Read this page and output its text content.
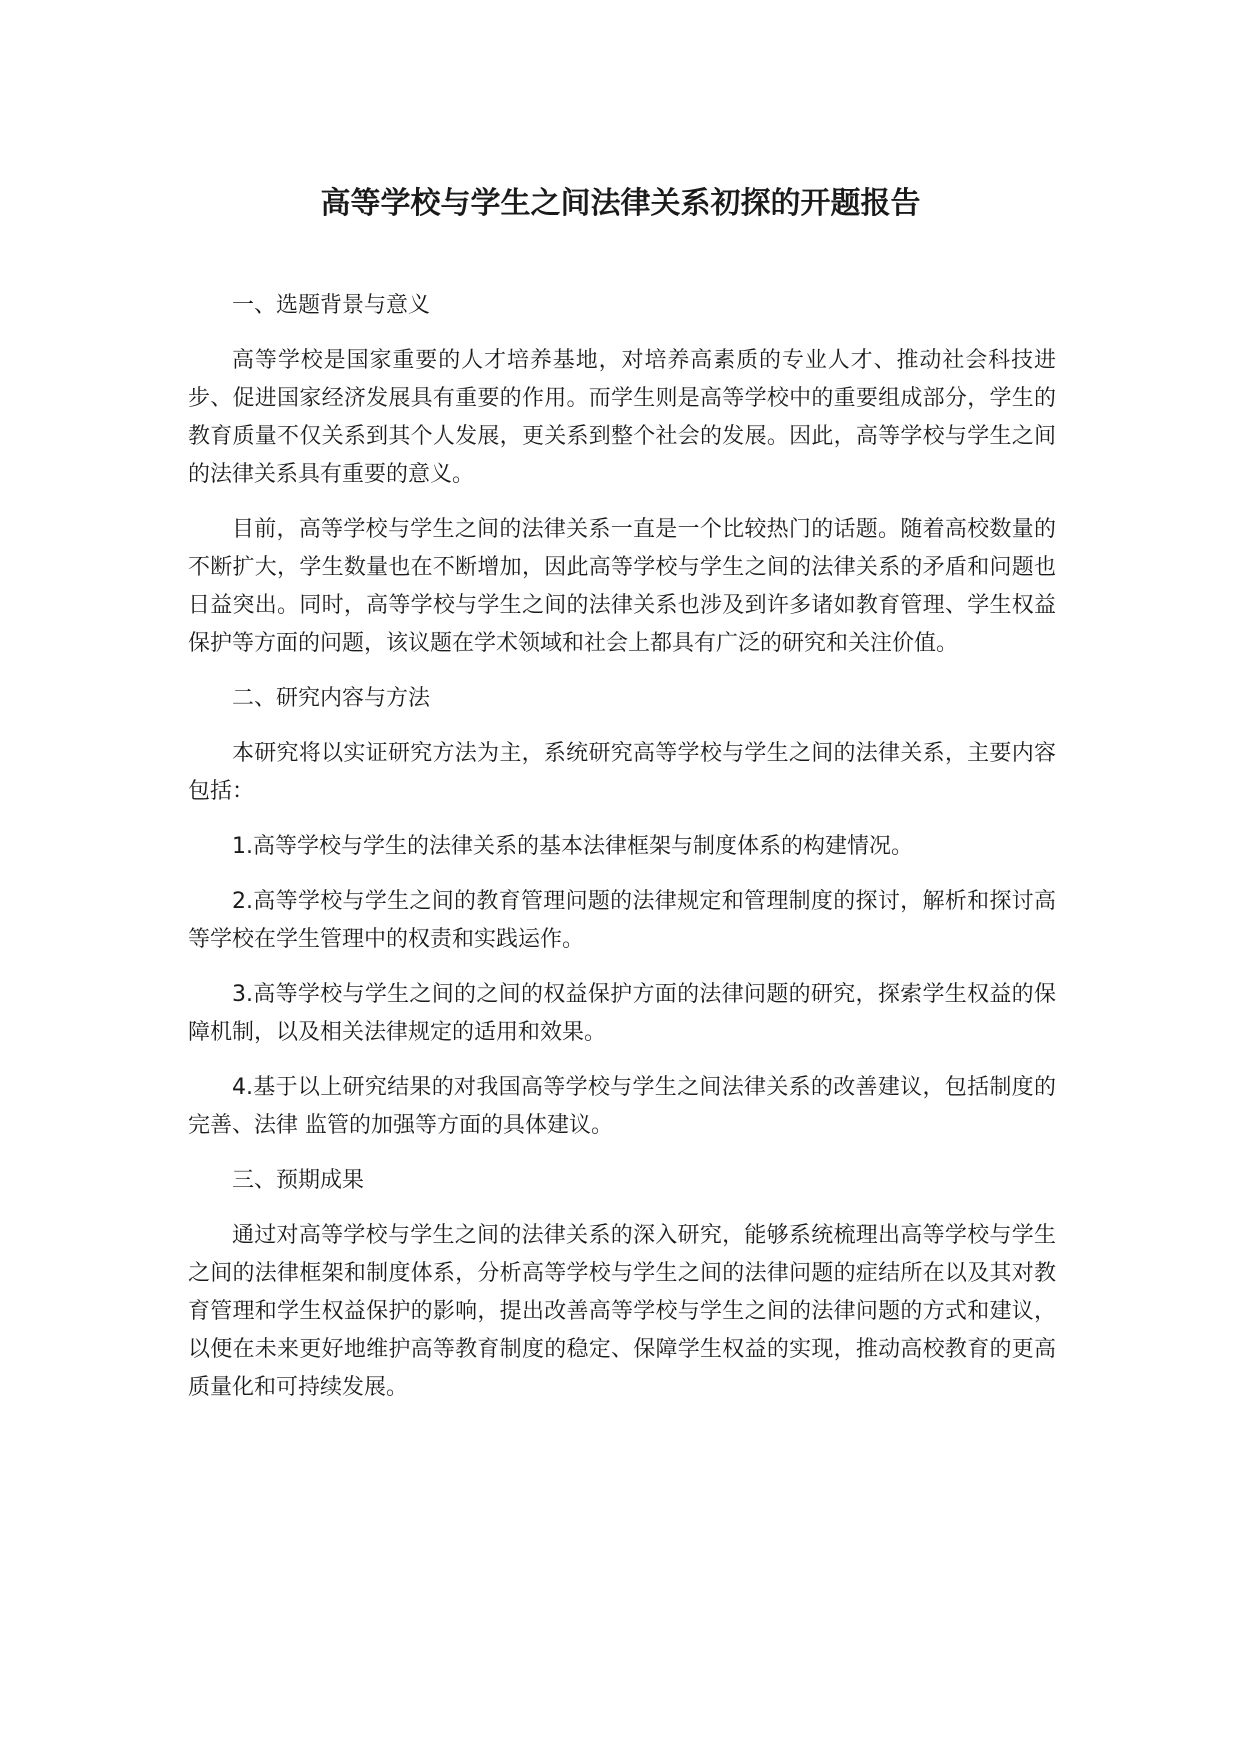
高等学校与学生之间法律关系初探的开题报告

一、选题背景与意义

高等学校是国家重要的人才培养基地，对培养高素质的专业人才、推动社会科技进步、促进国家经济发展具有重要的作用。而学生则是高等学校中的重要组成部分，学生的教育质量不仅关系到其个人发展，更关系到整个社会的发展。因此，高等学校与学生之间的法律关系具有重要的意义。

目前，高等学校与学生之间的法律关系一直是一个比较热门的话题。随着高校数量的不断扩大，学生数量也在不断增加，因此高等学校与学生之间的法律关系的矛盾和问题也日益突出。同时，高等学校与学生之间的法律关系也涉及到许多诸如教育管理、学生权益保护等方面的问题，该议题在学术领域和社会上都具有广泛的研究和关注价值。

二、研究内容与方法

本研究将以实证研究方法为主，系统研究高等学校与学生之间的法律关系，主要内容包括：

1.高等学校与学生的法律关系的基本法律框架与制度体系的构建情况。

2.高等学校与学生之间的教育管理问题的法律规定和管理制度的探讨，解析和探讨高等学校在学生管理中的权责和实践运作。

3.高等学校与学生之间的之间的权益保护方面的法律问题的研究，探索学生权益的保障机制，以及相关法律规定的适用和效果。

4.基于以上研究结果的对我国高等学校与学生之间法律关系的改善建议，包括制度的完善、法律 监管的加强等方面的具体建议。

三、预期成果

通过对高等学校与学生之间的法律关系的深入研究，能够系统梳理出高等学校与学生之间的法律框架和制度体系，分析高等学校与学生之间的法律问题的症结所在以及其对教育管理和学生权益保护的影响，提出改善高等学校与学生之间的法律问题的方式和建议，以便在未来更好地维护高等教育制度的稳定、保障学生权益的实现，推动高校教育的更高质量化和可持续发展。
